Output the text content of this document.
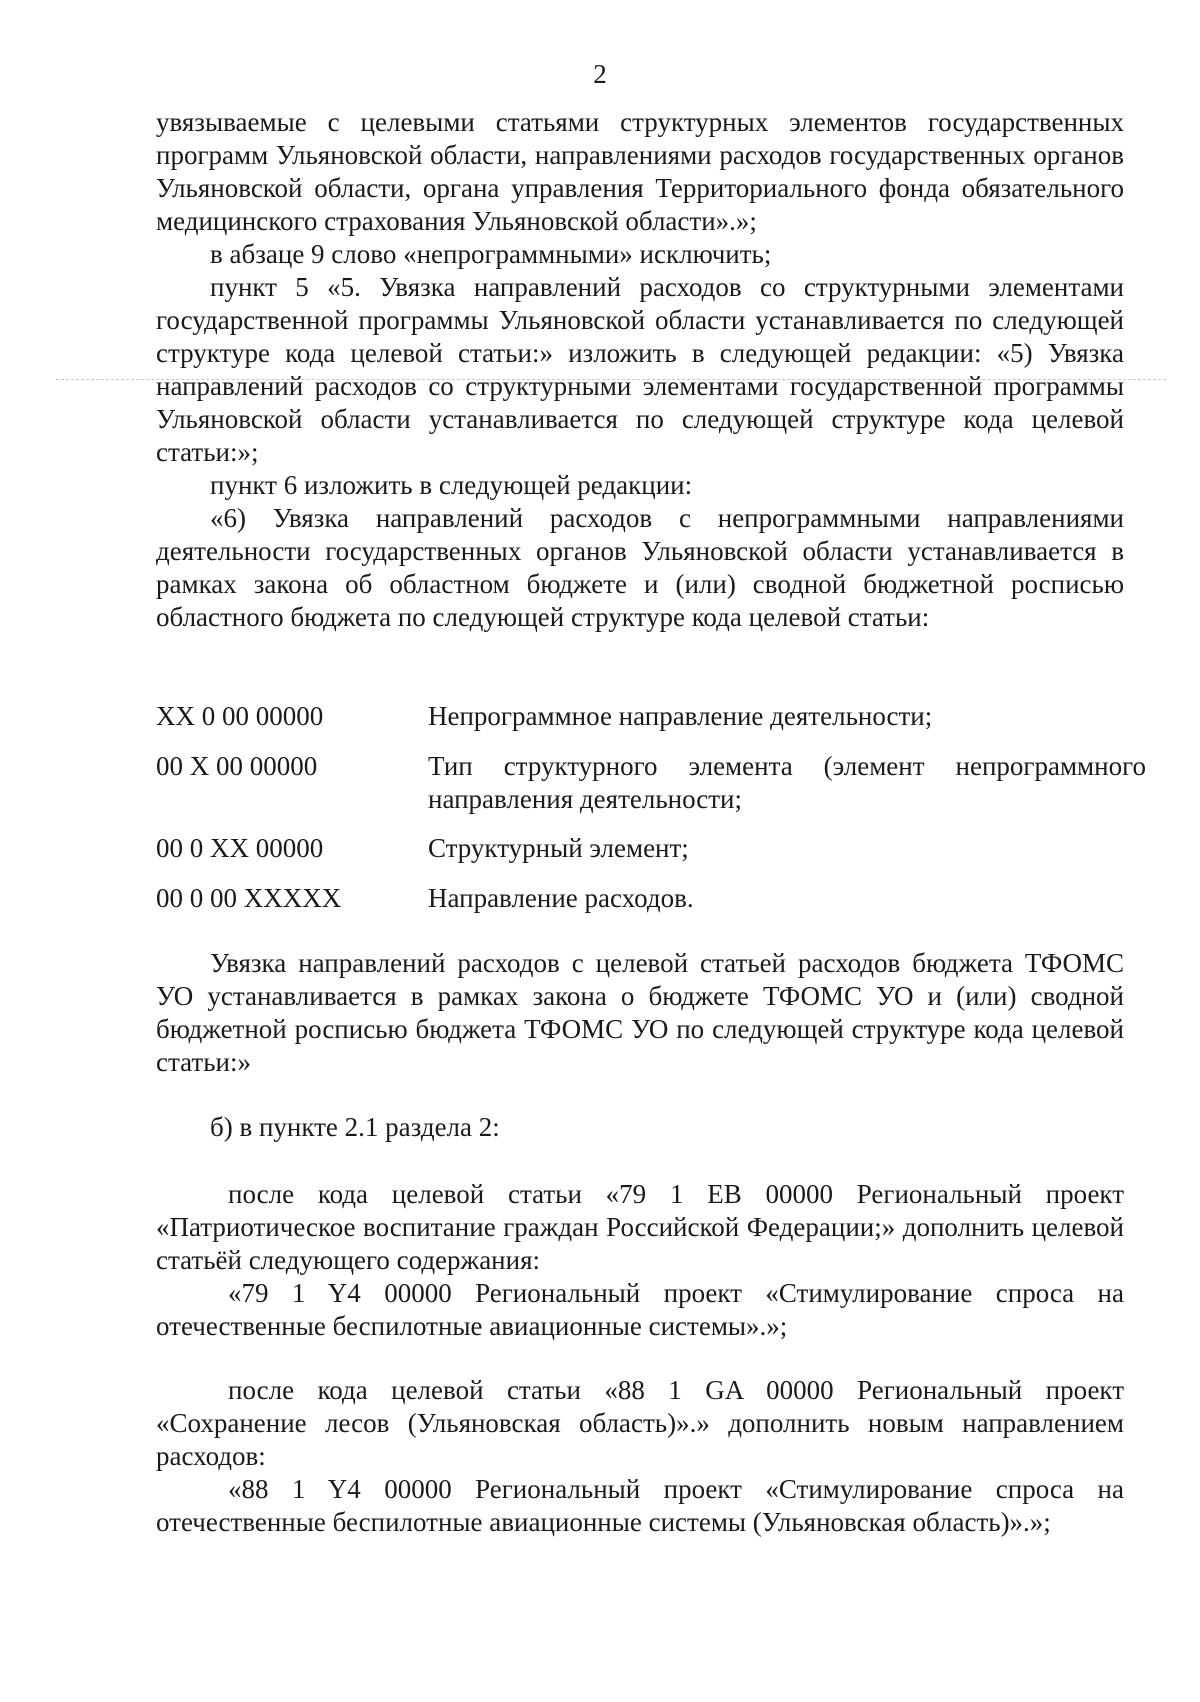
2

увязываемые с целевыми статьями структурных элементов государственных программ Ульяновской области, направлениями расходов государственных органов Ульяновской области, органа управления Территориального фонда обязательного медицинского страхования Ульяновской области».»;

в абзаце 9 слово «непрограммными» исключить;

пункт 5 «5. Увязка направлений расходов со структурными элементами государственной программы Ульяновской области устанавливается по следующей структуре кода целевой статьи:» изложить в следующей редакции: «5) Увязка направлений расходов со структурными элементами государственной программы Ульяновской области устанавливается по следующей структуре кода целевой статьи:»;

пункт 6 изложить в следующей редакции:

«6) Увязка направлений расходов с непрограммными направлениями деятельности государственных органов Ульяновской области устанавливается в рамках закона об областном бюджете и (или) сводной бюджетной росписью областного бюджета по следующей структуре кода целевой статьи:

XX 0 00 00000	Непрограммное направление деятельности;
00 X 00 00000	Тип структурного элемента (элемент непрограммного направления деятельности;
00 0 XX 00000	Структурный элемент;
00 0 00 XXXXX	Направление расходов.

Увязка направлений расходов с целевой статьей расходов бюджета ТФОМС УО устанавливается в рамках закона о бюджете ТФОМС УО и (или) сводной бюджетной росписью бюджета ТФОМС УО по следующей структуре кода целевой статьи:»

б) в пункте 2.1 раздела 2:

после кода целевой статьи «79 1 EB 00000 Региональный проект «Патриотическое воспитание граждан Российской Федерации;» дополнить целевой статьёй следующего содержания:

«79 1 Y4 00000 Региональный проект «Стимулирование спроса на отечественные беспилотные авиационные системы».»;

после кода целевой статьи «88 1 GA 00000 Региональный проект «Сохранение лесов (Ульяновская область)».» дополнить новым направлением расходов:

«88 1 Y4 00000 Региональный проект «Стимулирование спроса на отечественные беспилотные авиационные системы (Ульяновская область)».»;
